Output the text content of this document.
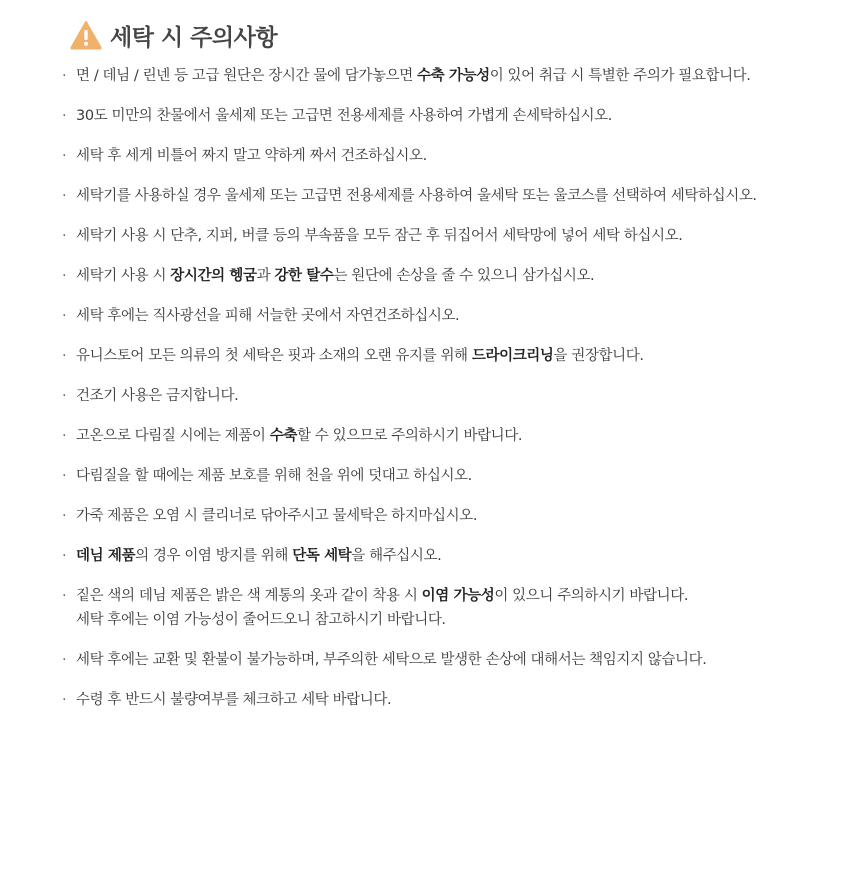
세탁 시 주의사항
· 면 / 데님 / 린넨 등 고급 원단은 장시간 물에 담가놓으면 수축 가능성이 있어 취급 시 특별한 주의가 필요합니다.
· 30도 미만의 찬물에서 울세제 또는 고급면 전용세제를 사용하여 가볍게 손세탁하십시오.
· 세탁 후 세게 비틀어 짜지 말고 약하게 짜서 건조하십시오.
· 세탁기를 사용하실 경우 울세제 또는 고급면 전용세제를 사용하여 울세탁 또는 울코스를 선택하여 세탁하십시오.
· 세탁기 사용 시 단추, 지퍼, 버클 등의 부속품을 모두 잠근 후 뒤집어서 세탁망에 넣어 세탁 하십시오.
· 세탁기 사용 시 장시간의 헹굼과 강한 탈수는 원단에 손상을 줄 수 있으니 삼가십시오.
· 세탁 후에는 직사광선을 피해 서늘한 곳에서 자연건조하십시오.
· 유니스토어 모든 의류의 첫 세탁은 핏과 소재의 오랜 유지를 위해 드라이크리닝을 권장합니다.
· 건조기 사용은 금지합니다.
· 고온으로 다림질 시에는 제품이 수축할 수 있으므로 주의하시기 바랍니다.
· 다림질을 할 때에는 제품 보호를 위해 천을 위에 덧대고 하십시오.
· 가죽 제품은 오염 시 클리너로 닦아주시고 물세탁은 하지마십시오.
· 데님 제품의 경우 이염 방지를 위해 단독 세탁을 해주십시오.
· 짙은 색의 데님 제품은 밝은 색 계통의 옷과 같이 착용 시 이염 가능성이 있으니 주의하시기 바랍니다.
세탁 후에는 이염 가능성이 줄어드오니 참고하시기 바랍니다.
· 세탁 후에는 교환 및 환불이 불가능하며, 부주의한 세탁으로 발생한 손상에 대해서는 책임지지 않습니다.
· 수령 후 반드시 불량여부를 체크하고 세탁 바랍니다.
